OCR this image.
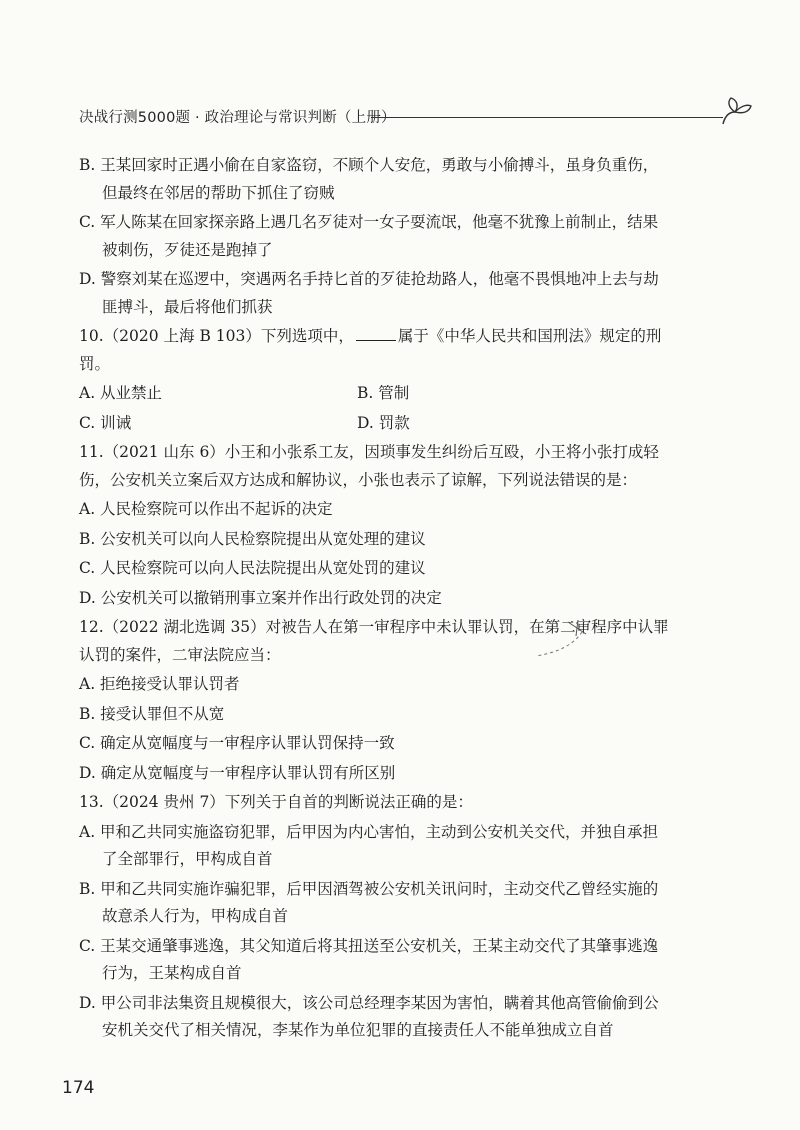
决战行测5000题 · 政治理论与常识判断（上册）

B. 王某回家时正遇小偷在自家盗窃，不顾个人安危，勇敢与小偷搏斗，虽身负重伤，但最终在邻居的帮助下抓住了窃贼

C. 军人陈某在回家探亲路上遇几名歹徒对一女子耍流氓，他毫不犹豫上前制止，结果被刺伤，歹徒还是跑掉了

D. 警察刘某在巡逻中，突遇两名手持匕首的歹徒抢劫路人，他毫不畏惧地冲上去与劫匪搏斗，最后将他们抓获

10.（2020 上海 B 103）下列选项中，	属于《中华人民共和国刑法》规定的刑罚。

A. 从业禁止	B. 管制
C. 训诫	D. 罚款

11.（2021 山东 6）小王和小张系工友，因琐事发生纠纷后互殴，小王将小张打成轻伤，公安机关立案后双方达成和解协议，小张也表示了谅解，下列说法错误的是：

A. 人民检察院可以作出不起诉的决定

B. 公安机关可以向人民检察院提出从宽处理的建议

C. 人民检察院可以向人民法院提出从宽处罚的建议

D. 公安机关可以撤销刑事立案并作出行政处罚的决定

12.（2022 湖北选调 35）对被告人在第一审程序中未认罪认罚，在第二审程序中认罪认罚的案件，二审法院应当：

A. 拒绝接受认罪认罚者

B. 接受认罪但不从宽

C. 确定从宽幅度与一审程序认罪认罚保持一致

D. 确定从宽幅度与一审程序认罪认罚有所区别

13.（2024 贵州 7）下列关于自首的判断说法正确的是：

A. 甲和乙共同实施盗窃犯罪，后甲因为内心害怕，主动到公安机关交代，并独自承担了全部罪行，甲构成自首

B. 甲和乙共同实施诈骗犯罪，后甲因酒驾被公安机关讯问时，主动交代乙曾经实施的故意杀人行为，甲构成自首

C. 王某交通肇事逃逸，其父知道后将其扭送至公安机关，王某主动交代了其肇事逃逸行为，王某构成自首

D. 甲公司非法集资且规模很大，该公司总经理李某因为害怕，瞒着其他高管偷偷到公安机关交代了相关情况，李某作为单位犯罪的直接责任人不能单独成立自首

174
